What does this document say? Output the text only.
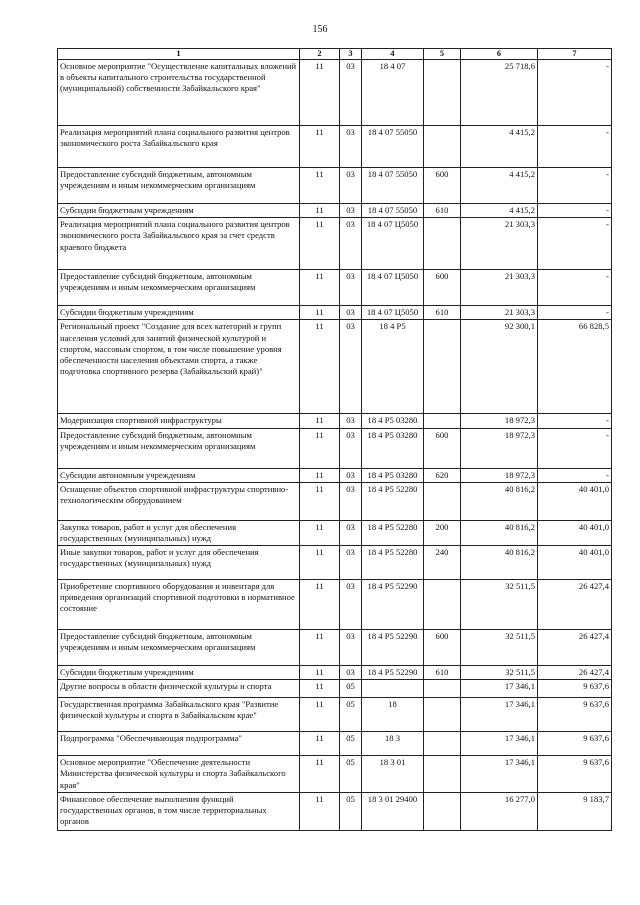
156
1	2	3	4	5	6	7
Основное мероприятие "Осуществление капитальных вложений в объекты капитального строительства государственной (муниципальной) собственности Забайкальского края"	11	03	18 4 07		25 718,6	-
Реализация мероприятий плана социального развития центров экономического роста Забайкальского края	11	03	18 4 07 55050		4 415,2	-
Предоставление субсидий бюджетным, автономным учреждениям и иным некоммерческим организациям	11	03	18 4 07 55050	600	4 415,2	-
Субсидии бюджетным учреждениям	11	03	18 4 07 55050	610	4 415,2	-
Реализация мероприятий плана социального развития центров экономического роста Забайкальского края за счет средств краевого бюджета	11	03	18 4 07 Ц5050		21 303,3	-
Предоставление субсидий бюджетным, автономным учреждениям и иным некоммерческим организациям	11	03	18 4 07 Ц5050	600	21 303,3	-
Субсидии бюджетным учреждениям	11	03	18 4 07 Ц5050	610	21 303,3	-
Региональный проект "Создание для всех категорий и групп населения условий для занятий физической культурой и спортом, массовым спортом, в том числе повышение уровня обеспеченности населения объектами спорта, а также подготовка спортивного резерва (Забайкальский край)"	11	03	18 4 P5		92 300,1	66 828,5
Модернизация спортивной инфраструктуры	11	03	18 4 P5 03280		18 972,3	-
Предоставление субсидий бюджетным, автономным учреждениям и иным некоммерческим организациям	11	03	18 4 P5 03280	600	18 972,3	-
Субсидии автономным учреждениям	11	03	18 4 P5 03280	620	18 972,3	-
Оснащение объектов спортивной инфраструктуры спортивно-технологическим оборудованием	11	03	18 4 P5 52280		40 816,2	40 401,0
Закупка товаров, работ и услуг для обеспечения государственных (муниципальных) нужд	11	03	18 4 P5 52280	200	40 816,2	40 401,0
Иные закупки товаров, работ и услуг для обеспечения государственных (муниципальных) нужд	11	03	18 4 P5 52280	240	40 816,2	40 401,0
Приобретение спортивного оборудования и инвентаря для приведения организаций спортивной подготовки в нормативное состояние	11	03	18 4 P5 52290		32 511,5	26 427,4
Предоставление субсидий бюджетным, автономным учреждениям и иным некоммерческим организациям	11	03	18 4 P5 52290	600	32 511,5	26 427,4
Субсидии бюджетным учреждениям	11	03	18 4 P5 52290	610	32 511,5	26 427,4
Другие вопросы в области физической культуры и спорта	11	05			17 346,1	9 637,6
Государственная программа Забайкальского края "Развитие физической культуры и спорта в Забайкальском крае"	11	05	18		17 346,1	9 637,6
Подпрограмма "Обеспечивающая подпрограмма"	11	05	18 3		17 346,1	9 637,6
Основное мероприятие "Обеспечение деятельности Министерства физической культуры и спорта Забайкальского края"	11	05	18 3 01		17 346,1	9 637,6
Финансовое обеспечение выполнения функций государственных органов, в том числе территориальных органов	11	05	18 3 01 29400		16 277,0	9 183,7
